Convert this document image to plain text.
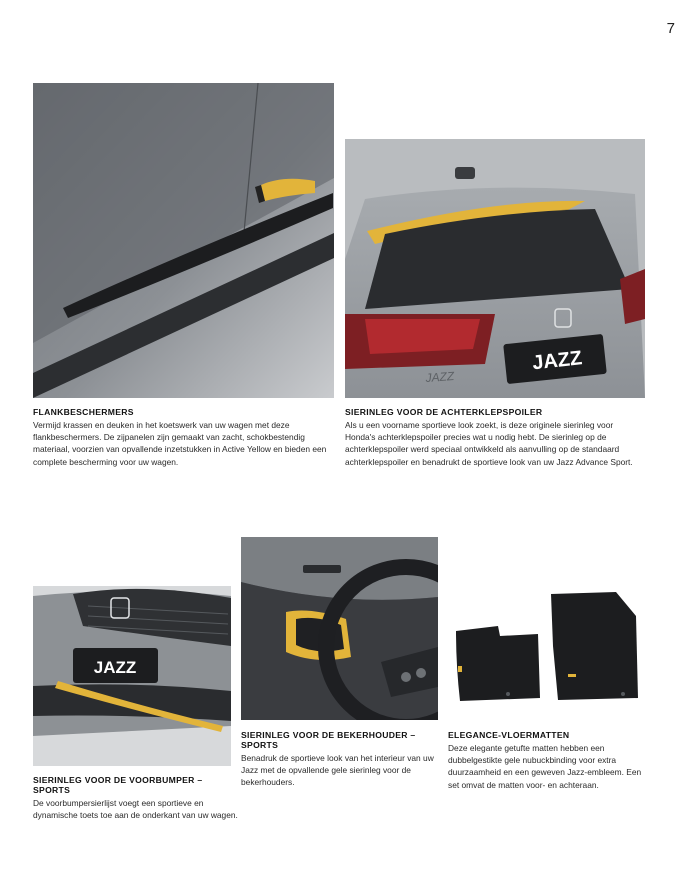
7

FLANKBESCHERMERS

Vermijd krassen en deuken in het koetswerk van uw wagen met deze flankbeschermers. De zijpanelen zijn gemaakt van zacht, schokbestendig materiaal, voorzien van opvallende inzetstukken in Active Yellow en bieden een complete bescherming voor uw wagen.

JAZZ
JAZZ

SIERINLEG VOOR DE ACHTERKLEPSPOILER

Als u een voorname sportieve look zoekt, is deze originele sierinleg voor Honda's achterklepspoiler precies wat u nodig hebt. De sierinleg op de achterklepspoiler werd speciaal ontwikkeld als aanvulling op de standaard achterklepspoiler en benadrukt de sportieve look van uw Jazz Advance Sport.

JAZZ

SIERINLEG VOOR DE VOORBUMPER – SPORTS

De voorbumpersierlijst voegt een sportieve en dynamische toets toe aan de onderkant van uw wagen.

SIERINLEG VOOR DE BEKERHOUDER – SPORTS

Benadruk de sportieve look van het interieur van uw Jazz met de opvallende gele sierinleg voor de bekerhouders.

ELEGANCE-VLOERMATTEN

Deze elegante getufte matten hebben een dubbelgestikte gele nubuckbinding voor extra duurzaamheid en een geweven Jazz-embleem. Een set omvat de matten voor- en achteraan.
